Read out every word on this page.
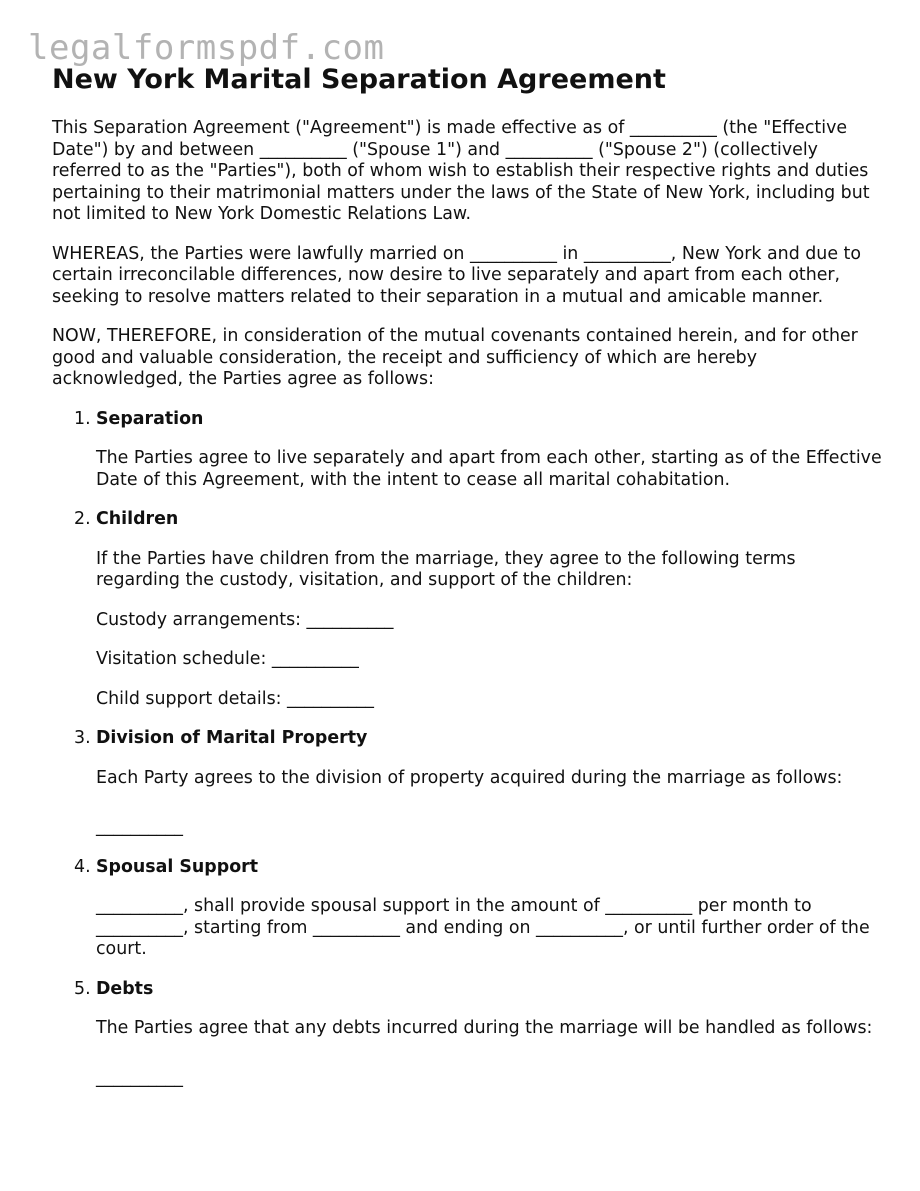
legalformspdf.com
New York Marital Separation Agreement

This Separation Agreement ("Agreement") is made effective as of __________ (the "Effective Date") by and between __________ ("Spouse 1") and __________ ("Spouse 2") (collectively referred to as the "Parties"), both of whom wish to establish their respective rights and duties pertaining to their matrimonial matters under the laws of the State of New York, including but not limited to New York Domestic Relations Law.

WHEREAS, the Parties were lawfully married on __________ in __________, New York and due to certain irreconcilable differences, now desire to live separately and apart from each other, seeking to resolve matters related to their separation in a mutual and amicable manner.

NOW, THEREFORE, in consideration of the mutual covenants contained herein, and for other good and valuable consideration, the receipt and sufficiency of which are hereby acknowledged, the Parties agree as follows:

1. Separation

The Parties agree to live separately and apart from each other, starting as of the Effective Date of this Agreement, with the intent to cease all marital cohabitation.

2. Children

If the Parties have children from the marriage, they agree to the following terms regarding the custody, visitation, and support of the children:

Custody arrangements: __________

Visitation schedule: __________

Child support details: __________

3. Division of Marital Property

Each Party agrees to the division of property acquired during the marriage as follows:

__________

4. Spousal Support

__________, shall provide spousal support in the amount of __________ per month to __________, starting from __________ and ending on __________, or until further order of the court.

5. Debts

The Parties agree that any debts incurred during the marriage will be handled as follows:

__________
